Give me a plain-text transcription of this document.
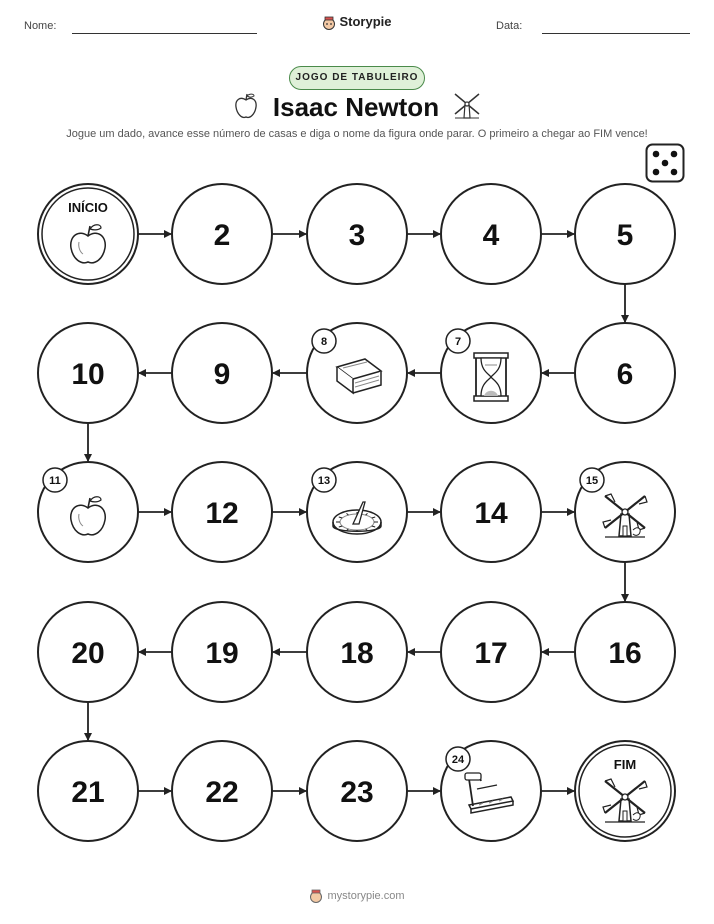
Nome:	Data:
Storypie
JOGO DE TABULEIRO
Isaac Newton
Jogue um dado, avance esse número de casas e diga o nome da figura onde parar. O primeiro a chegar ao FIM vence!
INÍCIO
2	3	4	5
6
7
8
9
10
11
12
13
14
15
16
17
18
19
20
21	22	23
24	FIM
mystorypie.com
